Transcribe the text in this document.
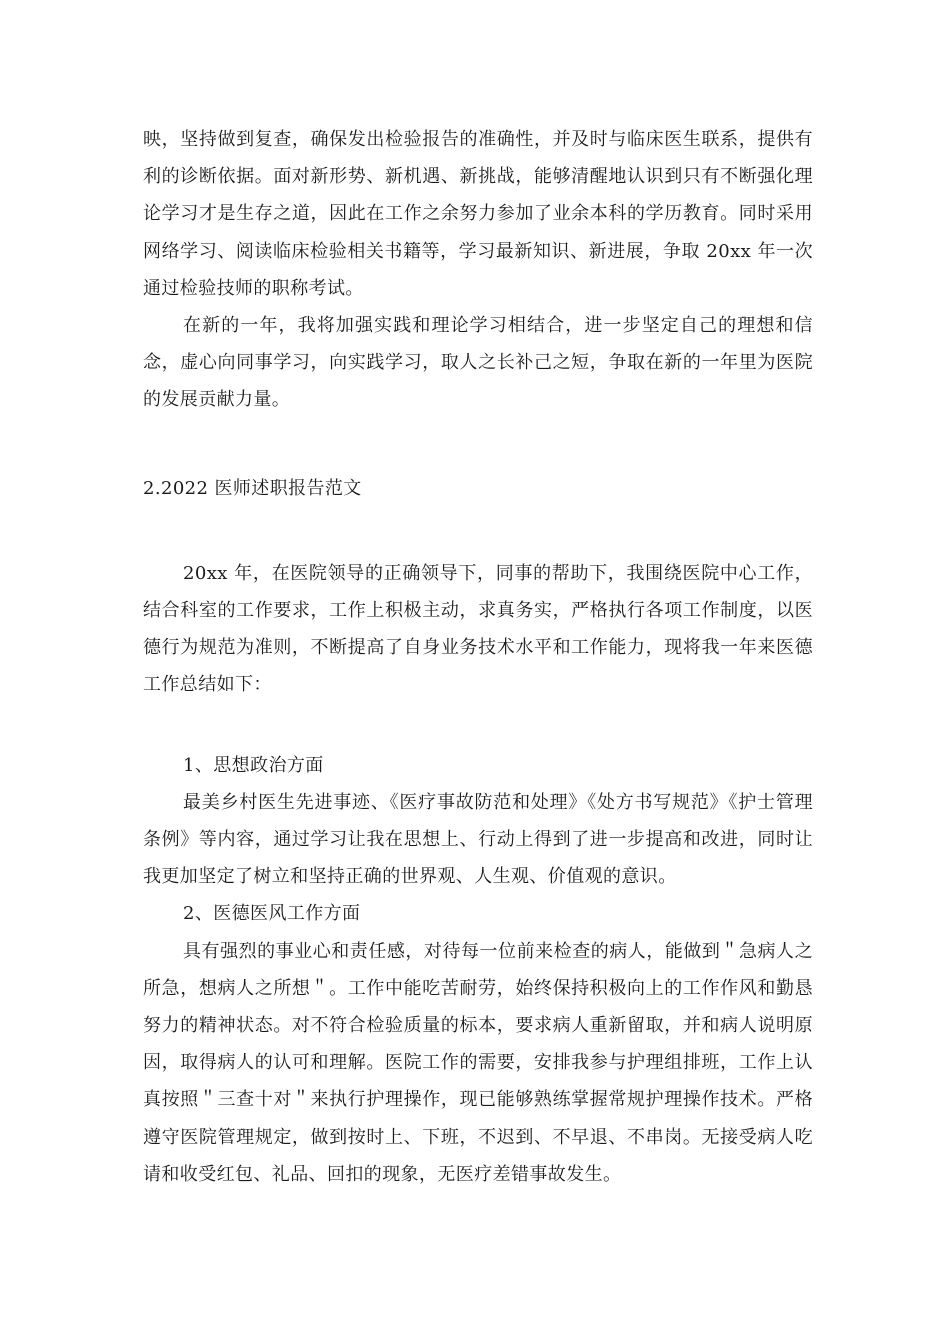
映，坚持做到复查，确保发出检验报告的准确性，并及时与临床医生联系，提供有利的诊断依据。面对新形势、新机遇、新挑战，能够清醒地认识到只有不断强化理论学习才是生存之道，因此在工作之余努力参加了业余本科的学历教育。同时采用网络学习、阅读临床检验相关书籍等，学习最新知识、新进展，争取 20xx 年一次通过检验技师的职称考试。

在新的一年，我将加强实践和理论学习相结合，进一步坚定自己的理想和信念，虚心向同事学习，向实践学习，取人之长补己之短，争取在新的一年里为医院的发展贡献力量。

2.2022 医师述职报告范文

20xx 年，在医院领导的正确领导下，同事的帮助下，我围绕医院中心工作，结合科室的工作要求，工作上积极主动，求真务实，严格执行各项工作制度，以医德行为规范为准则，不断提高了自身业务技术水平和工作能力，现将我一年来医德工作总结如下：

1、思想政治方面

最美乡村医生先进事迹、《医疗事故防范和处理》《处方书写规范》《护士管理条例》等内容，通过学习让我在思想上、行动上得到了进一步提高和改进，同时让我更加坚定了树立和坚持正确的世界观、人生观、价值观的意识。

2、医德医风工作方面

具有强烈的事业心和责任感，对待每一位前来检查的病人，能做到＂急病人之所急，想病人之所想＂。工作中能吃苦耐劳，始终保持积极向上的工作作风和勤恳努力的精神状态。对不符合检验质量的标本，要求病人重新留取，并和病人说明原因，取得病人的认可和理解。医院工作的需要，安排我参与护理组排班，工作上认真按照＂三查十对＂来执行护理操作，现已能够熟练掌握常规护理操作技术。严格遵守医院管理规定，做到按时上、下班，不迟到、不早退、不串岗。无接受病人吃请和收受红包、礼品、回扣的现象，无医疗差错事故发生。
